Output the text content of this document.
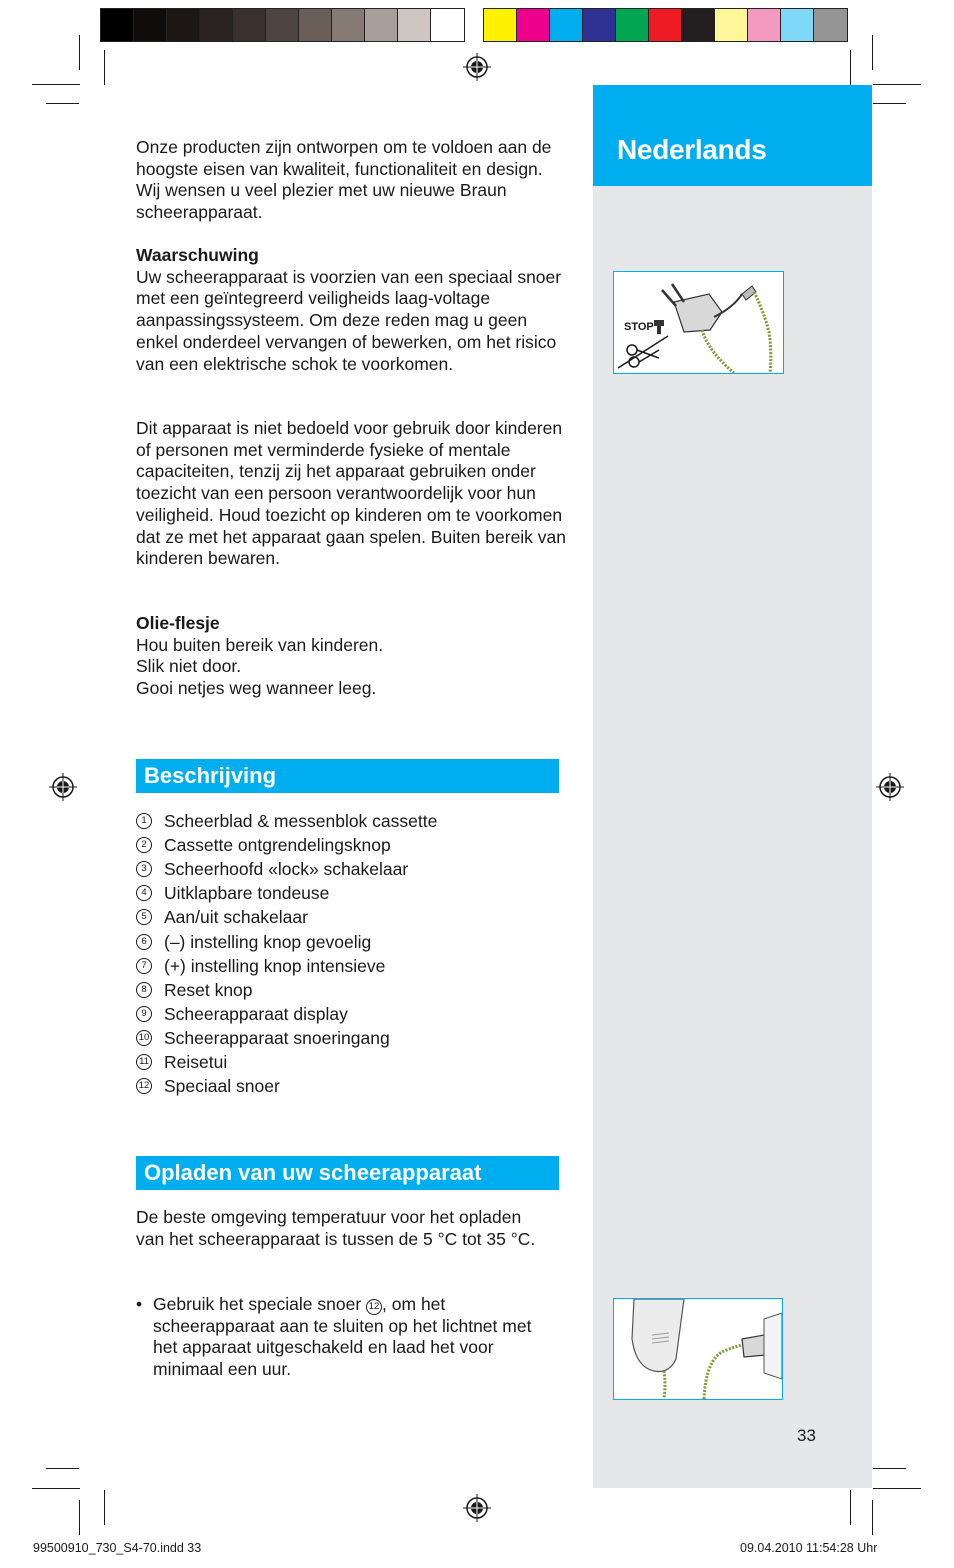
Nederlands
STOP

Onze producten zijn ontworpen om te voldoen aan de hoogste eisen van kwaliteit, functionaliteit en design. Wij wensen u veel plezier met uw nieuwe Braun scheerapparaat.

Waarschuwing

Uw scheerapparaat is voorzien van een speciaal snoer met een geïntegreerd veiligheids laag-voltage aanpassingssysteem. Om deze reden mag u geen enkel onderdeel vervangen of bewerken, om het risico van een elektrische schok te voorkomen.

Dit apparaat is niet bedoeld voor gebruik door kinderen of personen met verminderde fysieke of mentale capaciteiten, tenzij zij het apparaat gebruiken onder toezicht van een persoon verantwoordelijk voor hun veiligheid. Houd toezicht op kinderen om te voorkomen dat ze met het apparaat gaan spelen. Buiten bereik van kinderen bewaren.

Olie-flesje

Hou buiten bereik van kinderen.

Slik niet door.

Gooi netjes weg wanneer leeg.

Beschrijving
1 Scheerblad & messenblok cassette
2 Cassette ontgrendelingsknop
3 Scheerhoofd «lock» schakelaar
4 Uitklapbare tondeuse
5 Aan/uit schakelaar
6 (–) instelling knop gevoelig
7 (+) instelling knop intensieve
8 Reset knop
9 Scheerapparaat display
10 Scheerapparaat snoeringang
11 Reisetui
12 Speciaal snoer
Opladen van uw scheerapparaat

De beste omgeving temperatuur voor het opladen van het scheerapparaat is tussen de 5 °C tot 35 °C.

• Gebruik het speciale snoer 12 , om het scheerapparaat aan te sluiten op het lichtnet met het apparaat uitgeschakeld en laad het voor minimaal een uur.
33
99500910_730_S4-70.indd 33	09.04.2010 11:54:28 Uhr
